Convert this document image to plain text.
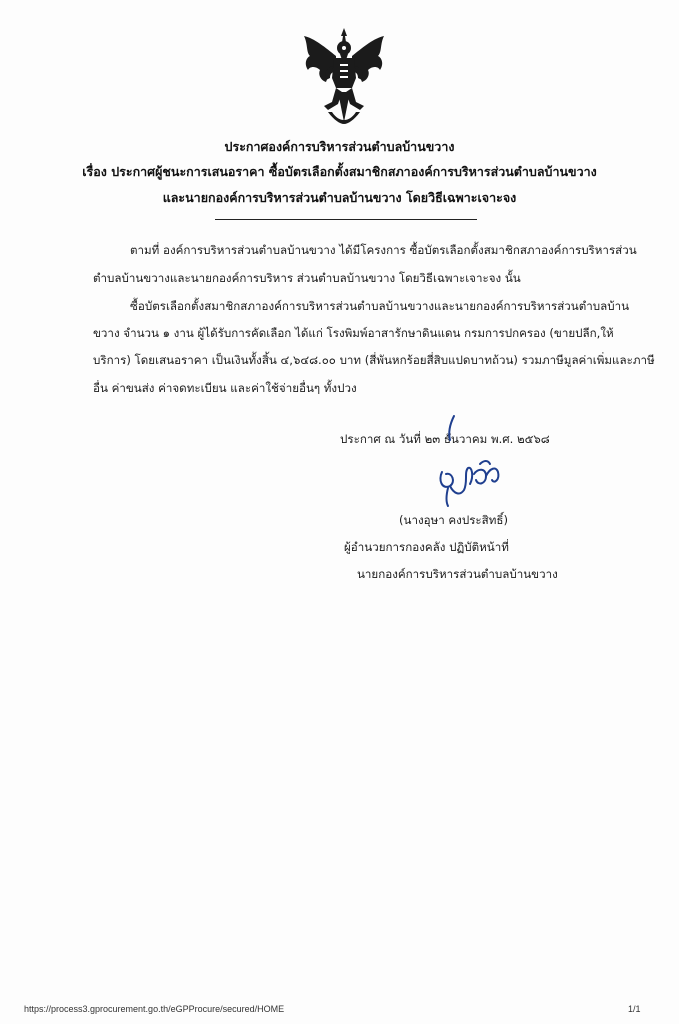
ประกาศองค์การบริหารส่วนตำบลบ้านขวาง
เรื่อง ประกาศผู้ชนะการเสนอราคา ซื้อบัตรเลือกตั้งสมาชิกสภาองค์การบริหารส่วนตำบลบ้านขวาง
และนายกองค์การบริหารส่วนตำบลบ้านขวาง โดยวิธีเฉพาะเจาะจง
ตามที่ องค์การบริหารส่วนตำบลบ้านขวาง ได้มีโครงการ ซื้อบัตรเลือกตั้งสมาชิกสภาองค์การบริหารส่วน
ตำบลบ้านขวางและนายกองค์การบริหาร ส่วนตำบลบ้านขวาง โดยวิธีเฉพาะเจาะจง นั้น
ซื้อบัตรเลือกตั้งสมาชิกสภาองค์การบริหารส่วนตำบลบ้านขวางและนายกองค์การบริหารส่วนตำบลบ้าน
ขวาง จำนวน ๑ งาน ผู้ได้รับการคัดเลือก ได้แก่ โรงพิมพ์อาสารักษาดินแดน กรมการปกครอง (ขายปลีก,ให้
บริการ) โดยเสนอราคา เป็นเงินทั้งสิ้น ๔,๖๔๘.๐๐ บาท (สี่พันหกร้อยสี่สิบแปดบาทถ้วน) รวมภาษีมูลค่าเพิ่มและภาษี
อื่น ค่าขนส่ง ค่าจดทะเบียน และค่าใช้จ่ายอื่นๆ ทั้งปวง
ประกาศ ณ วันที่ ๒๓ ธันวาคม พ.ศ. ๒๕๖๘
(นางอุษา คงประสิทธิ์)
ผู้อำนวยการกองคลัง ปฏิบัติหน้าที่
นายกองค์การบริหารส่วนตำบลบ้านขวาง
https://process3.gprocurement.go.th/eGPProcure/secured/HOME	1/1
